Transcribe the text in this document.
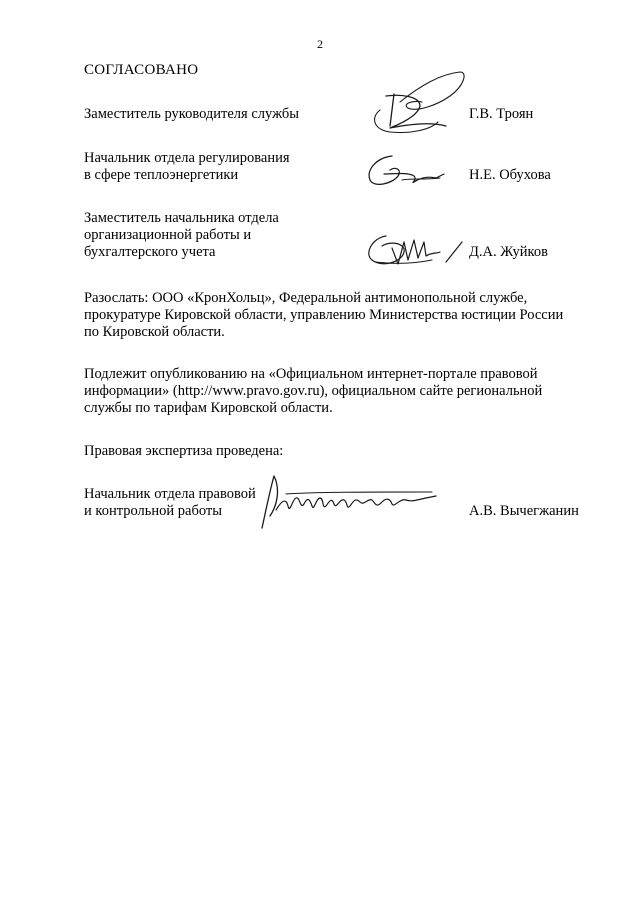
2
СОГЛАСОВАНО
Заместитель руководителя службы	Г.В. Троян
Начальник отдела регулирования
в сфере теплоэнергетики	Н.Е. Обухова
Заместитель начальника отдела
организационной работы и
бухгалтерского учета	Д.А. Жуйков
Разослать: ООО «КронХольц», Федеральной антимонопольной службе,
прокуратуре Кировской области, управлению Министерства юстиции России
по Кировской области.
Подлежит опубликованию на «Официальном интернет-портале правовой
информации» (http://www.pravo.gov.ru), официальном сайте региональной
службы по тарифам Кировской области.
Правовая экспертиза проведена:
Начальник отдела правовой
и контрольной работы	А.В. Вычегжанин
